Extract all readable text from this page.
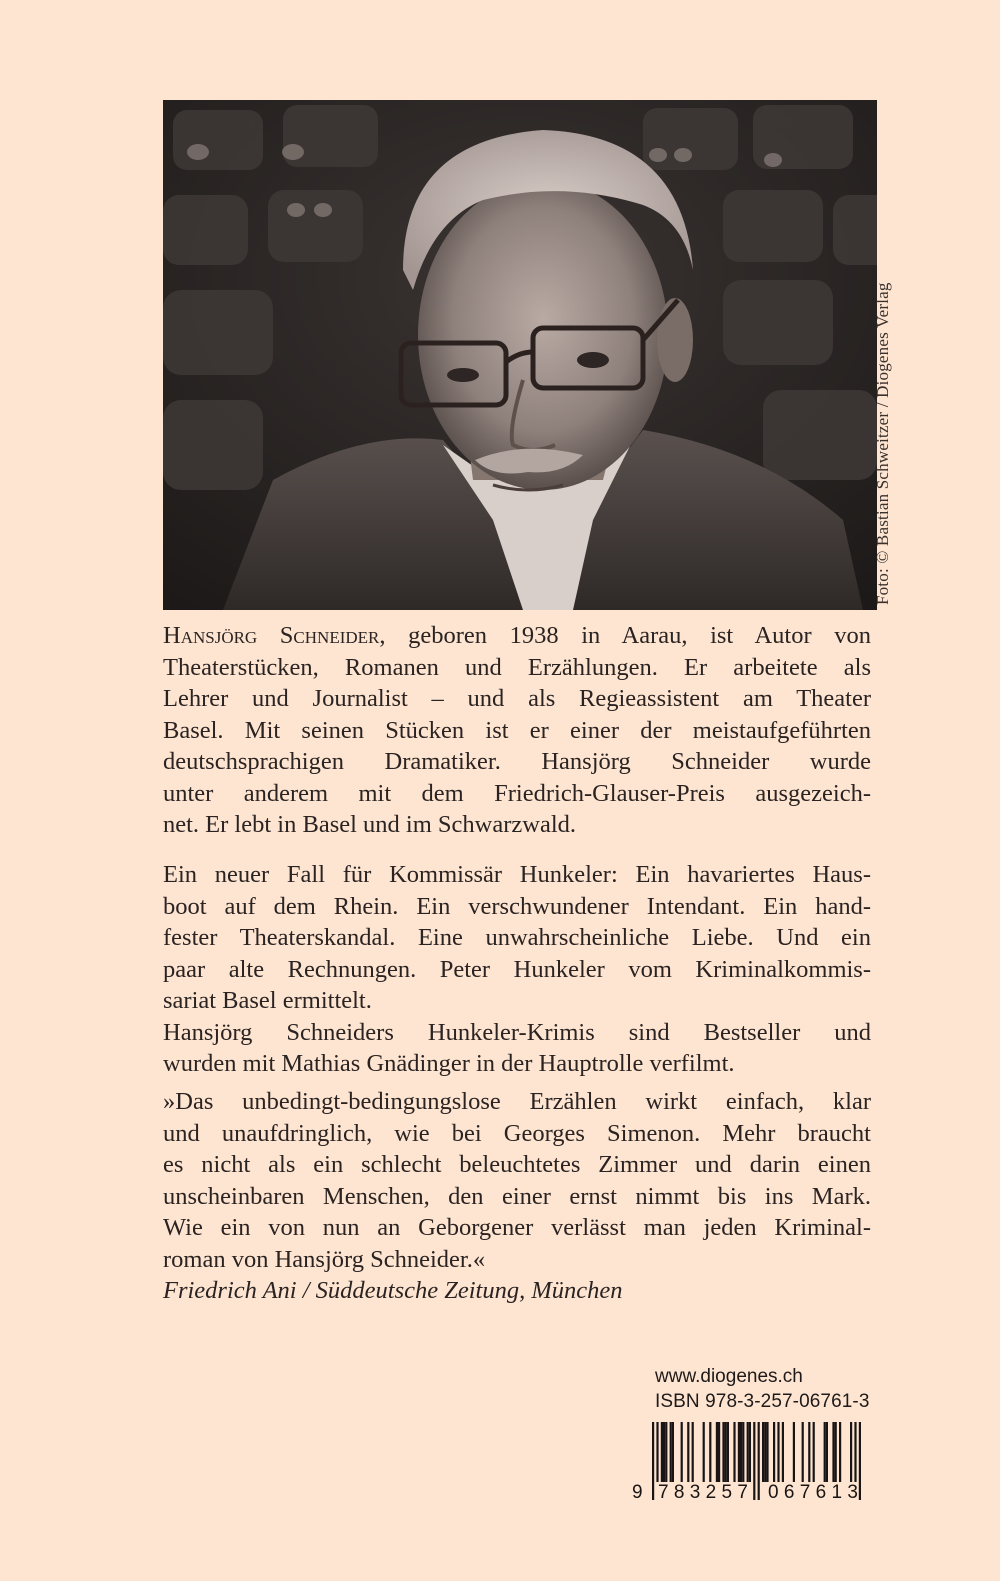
Foto: © Bastian Schweitzer / Diogenes Verlag
Hansjörg Schneider, geboren 1938 in Aarau, ist Autor von
Theaterstücken, Romanen und Erzählungen. Er arbeitete als
Lehrer und Journalist – und als Regieassistent am Theater
Basel. Mit seinen Stücken ist er einer der meistaufgeführten
deutschsprachigen Dramatiker. Hansjörg Schneider wurde
unter anderem mit dem Friedrich-Glauser-Preis ausgezeich-
net. Er lebt in Basel und im Schwarzwald.
Ein neuer Fall für Kommissär Hunkeler: Ein havariertes Haus-
boot auf dem Rhein. Ein verschwundener Intendant. Ein hand-
fester Theaterskandal. Eine unwahrscheinliche Liebe. Und ein
paar alte Rechnungen. Peter Hunkeler vom Kriminalkommis-
sariat Basel ermittelt.
Hansjörg Schneiders Hunkeler-Krimis sind Bestseller und
wurden mit Mathias Gnädinger in der Hauptrolle verfilmt.
»Das unbedingt-bedingungslose Erzählen wirkt einfach, klar
und unaufdringlich, wie bei Georges Simenon. Mehr braucht
es nicht als ein schlecht beleuchtetes Zimmer und darin einen
unscheinbaren Menschen, den einer ernst nimmt bis ins Mark.
Wie ein von nun an Geborgener verlässt man jeden Kriminal-
roman von Hansjörg Schneider.«
Friedrich Ani / Süddeutsche Zeitung, München
www.diogenes.ch
ISBN 978-3-257-06761-3
9 783257 067613
